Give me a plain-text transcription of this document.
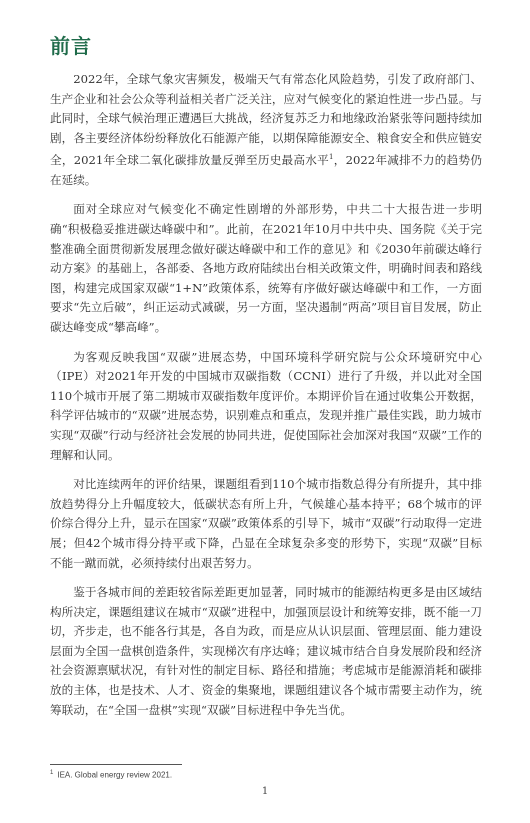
前言

2022年，全球气象灾害频发，极端天气有常态化风险趋势，引发了政府部门、生产企业和社会公众等利益相关者广泛关注，应对气候变化的紧迫性进一步凸显。与此同时，全球气候治理正遭遇巨大挑战，经济复苏乏力和地缘政治紧张等问题持续加剧，各主要经济体纷纷释放化石能源产能，以期保障能源安全、粮食安全和供应链安全，2021年全球二氧化碳排放量反弹至历史最高水平$^1$，2022年减排不力的趋势仍在延续。

面对全球应对气候变化不确定性剧增的外部形势，中共二十大报告进一步明确“积极稳妥推进碳达峰碳中和”。此前，在2021年10月中共中央、国务院《关于完整准确全面贯彻新发展理念做好碳达峰碳中和工作的意见》和《2030年前碳达峰行动方案》的基础上，各部委、各地方政府陆续出台相关政策文件，明确时间表和路线图，构建完成国家双碳“1+N”政策体系，统筹有序做好碳达峰碳中和工作，一方面要求“先立后破”，纠正运动式减碳，另一方面，坚决遏制“两高”项目盲目发展，防止碳达峰变成“攀高峰”。

为客观反映我国“双碳”进展态势，中国环境科学研究院与公众环境研究中心（IPE）对2021年开发的中国城市双碳指数（CCNI）进行了升级，并以此对全国110个城市开展了第二期城市双碳指数年度评价。本期评价旨在通过收集公开数据，科学评估城市的“双碳”进展态势，识别难点和重点，发现并推广最佳实践，助力城市实现“双碳”行动与经济社会发展的协同共进，促使国际社会加深对我国“双碳”工作的理解和认同。

对比连续两年的评价结果，课题组看到110个城市指数总得分有所提升，其中排放趋势得分上升幅度较大，低碳状态有所上升，气候雄心基本持平；68个城市的评价综合得分上升，显示在国家“双碳”政策体系的引导下，城市“双碳”行动取得一定进展；但42个城市得分持平或下降，凸显在全球复杂多变的形势下，实现“双碳”目标不能一蹴而就，必须持续付出艰苦努力。

鉴于各城市间的差距较省际差距更加显著，同时城市的能源结构更多是由区域结构所决定，课题组建议在城市“双碳”进程中，加强顶层设计和统筹安排，既不能一刀切，齐步走，也不能各行其是，各自为政，而是应从认识层面、管理层面、能力建设层面为全国一盘棋创造条件，实现梯次有序达峰；建议城市结合自身发展阶段和经济社会资源禀赋状况，有针对性的制定目标、路径和措施；考虑城市是能源消耗和碳排放的主体，也是技术、人才、资金的集聚地，课题组建议各个城市需要主动作为，统筹联动，在“全国一盘棋”实现“双碳”目标进程中争先当优。

$^1$ IEA. Global energy review 2021.
1
